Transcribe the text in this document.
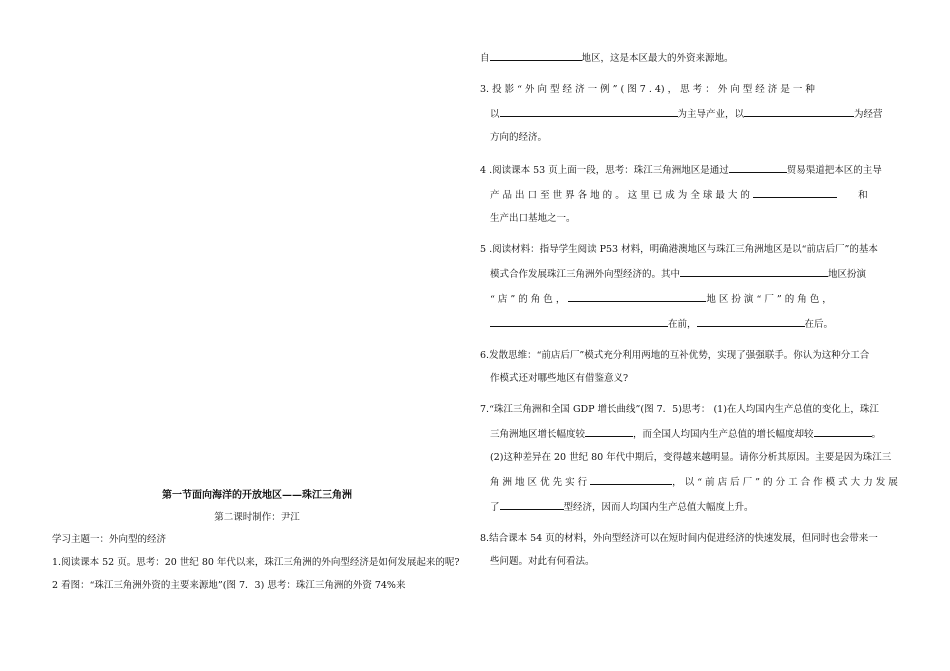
第一节面向海洋的开放地区——珠江三角洲
第二课时制作：尹江
学习主题一：外向型的经济
1.阅读课本 52 页。思考：20 世纪 80 年代以来，珠江三角洲的外向型经济是如何发展起来的呢?
2 看图：“珠江三角洲外资的主要来源地”(图 7．3) 思考：珠江三角洲的外资 74%来
自	地区，这是本区最大的外资来源地。
3. 投 影 “ 外 向 型 经 济 一 例 ” ( 图 7 . 4) ， 思 考 ： 外 向 型 经 济 是 一 种
以	为主导产业，以	为经营
方向的经济。
4 .阅读课本 53 页上面一段，思考：珠江三角洲地区是通过	贸易渠道把本区的主导
产 品 出 口 至 世 界 各 地 的 。 这 里 已 成 为 全 球 最 大 的	和
生产出口基地之一。
5 .阅读材料：指导学生阅读 P53 材料，明确港澳地区与珠江三角洲地区是以“前店后厂”的基本
模式合作发展珠江三角洲外向型经济的。其中	地区扮演
“ 店 ” 的 角 色 ，	地 区 扮 演 “ 厂 ” 的 角 色 ，
在前，	在后。
6.发散思维：“前店后厂”模式充分利用两地的互补优势，实现了强强联手。你认为这种分工合
作模式还对哪些地区有借鉴意义?
7.“珠江三角洲和全国 GDP 增长曲线”(图 7．5)思考： (1)在人均国内生产总值的变化上，珠江
三角洲地区增长幅度较	，而全国人均国内生产总值的增长幅度却较	。
(2)这种差异在 20 世纪 80 年代中期后，变得越来越明显。请你分析其原因。主要是因为珠江三
角 洲 地 区 优 先 实 行	， 以 “ 前 店 后 厂 ” 的 分 工 合 作 模 式 大 力 发 展
了	型经济，因而人均国内生产总值大幅度上升。
8.结合课本 54 页的材料，外向型经济可以在短时间内促进经济的快速发展，但同时也会带来一
些问题。对此有何看法。
